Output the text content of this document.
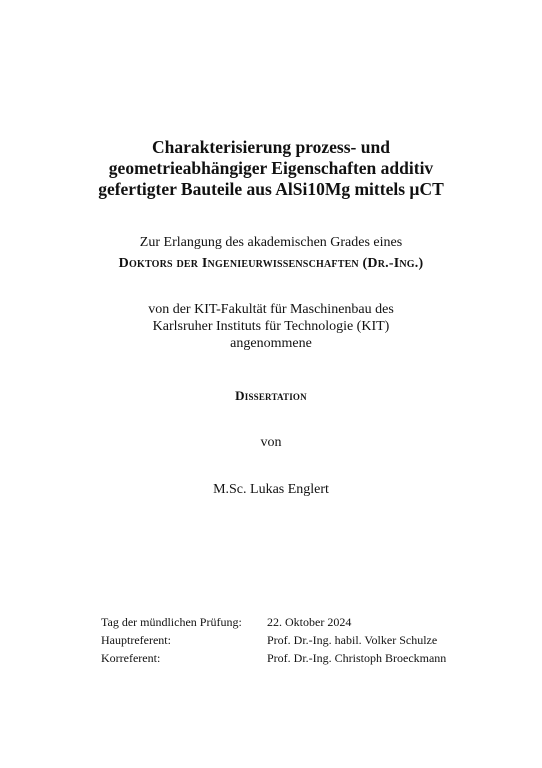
Charakterisierung prozess- und
geometrieabhängiger Eigenschaften additiv
gefertigter Bauteile aus AlSi10Mg mittels µCT
Zur Erlangung des akademischen Grades eines
Doktors der Ingenieurwissenschaften (Dr.-Ing.)
von der KIT-Fakultät für Maschinenbau des
Karlsruher Instituts für Technologie (KIT)
angenommene
Dissertation
von
M.Sc. Lukas Englert
Tag der mündlichen Prüfung:	22. Oktober 2024
Hauptreferent:	Prof. Dr.-Ing. habil. Volker Schulze
Korreferent:	Prof. Dr.-Ing. Christoph Broeckmann
